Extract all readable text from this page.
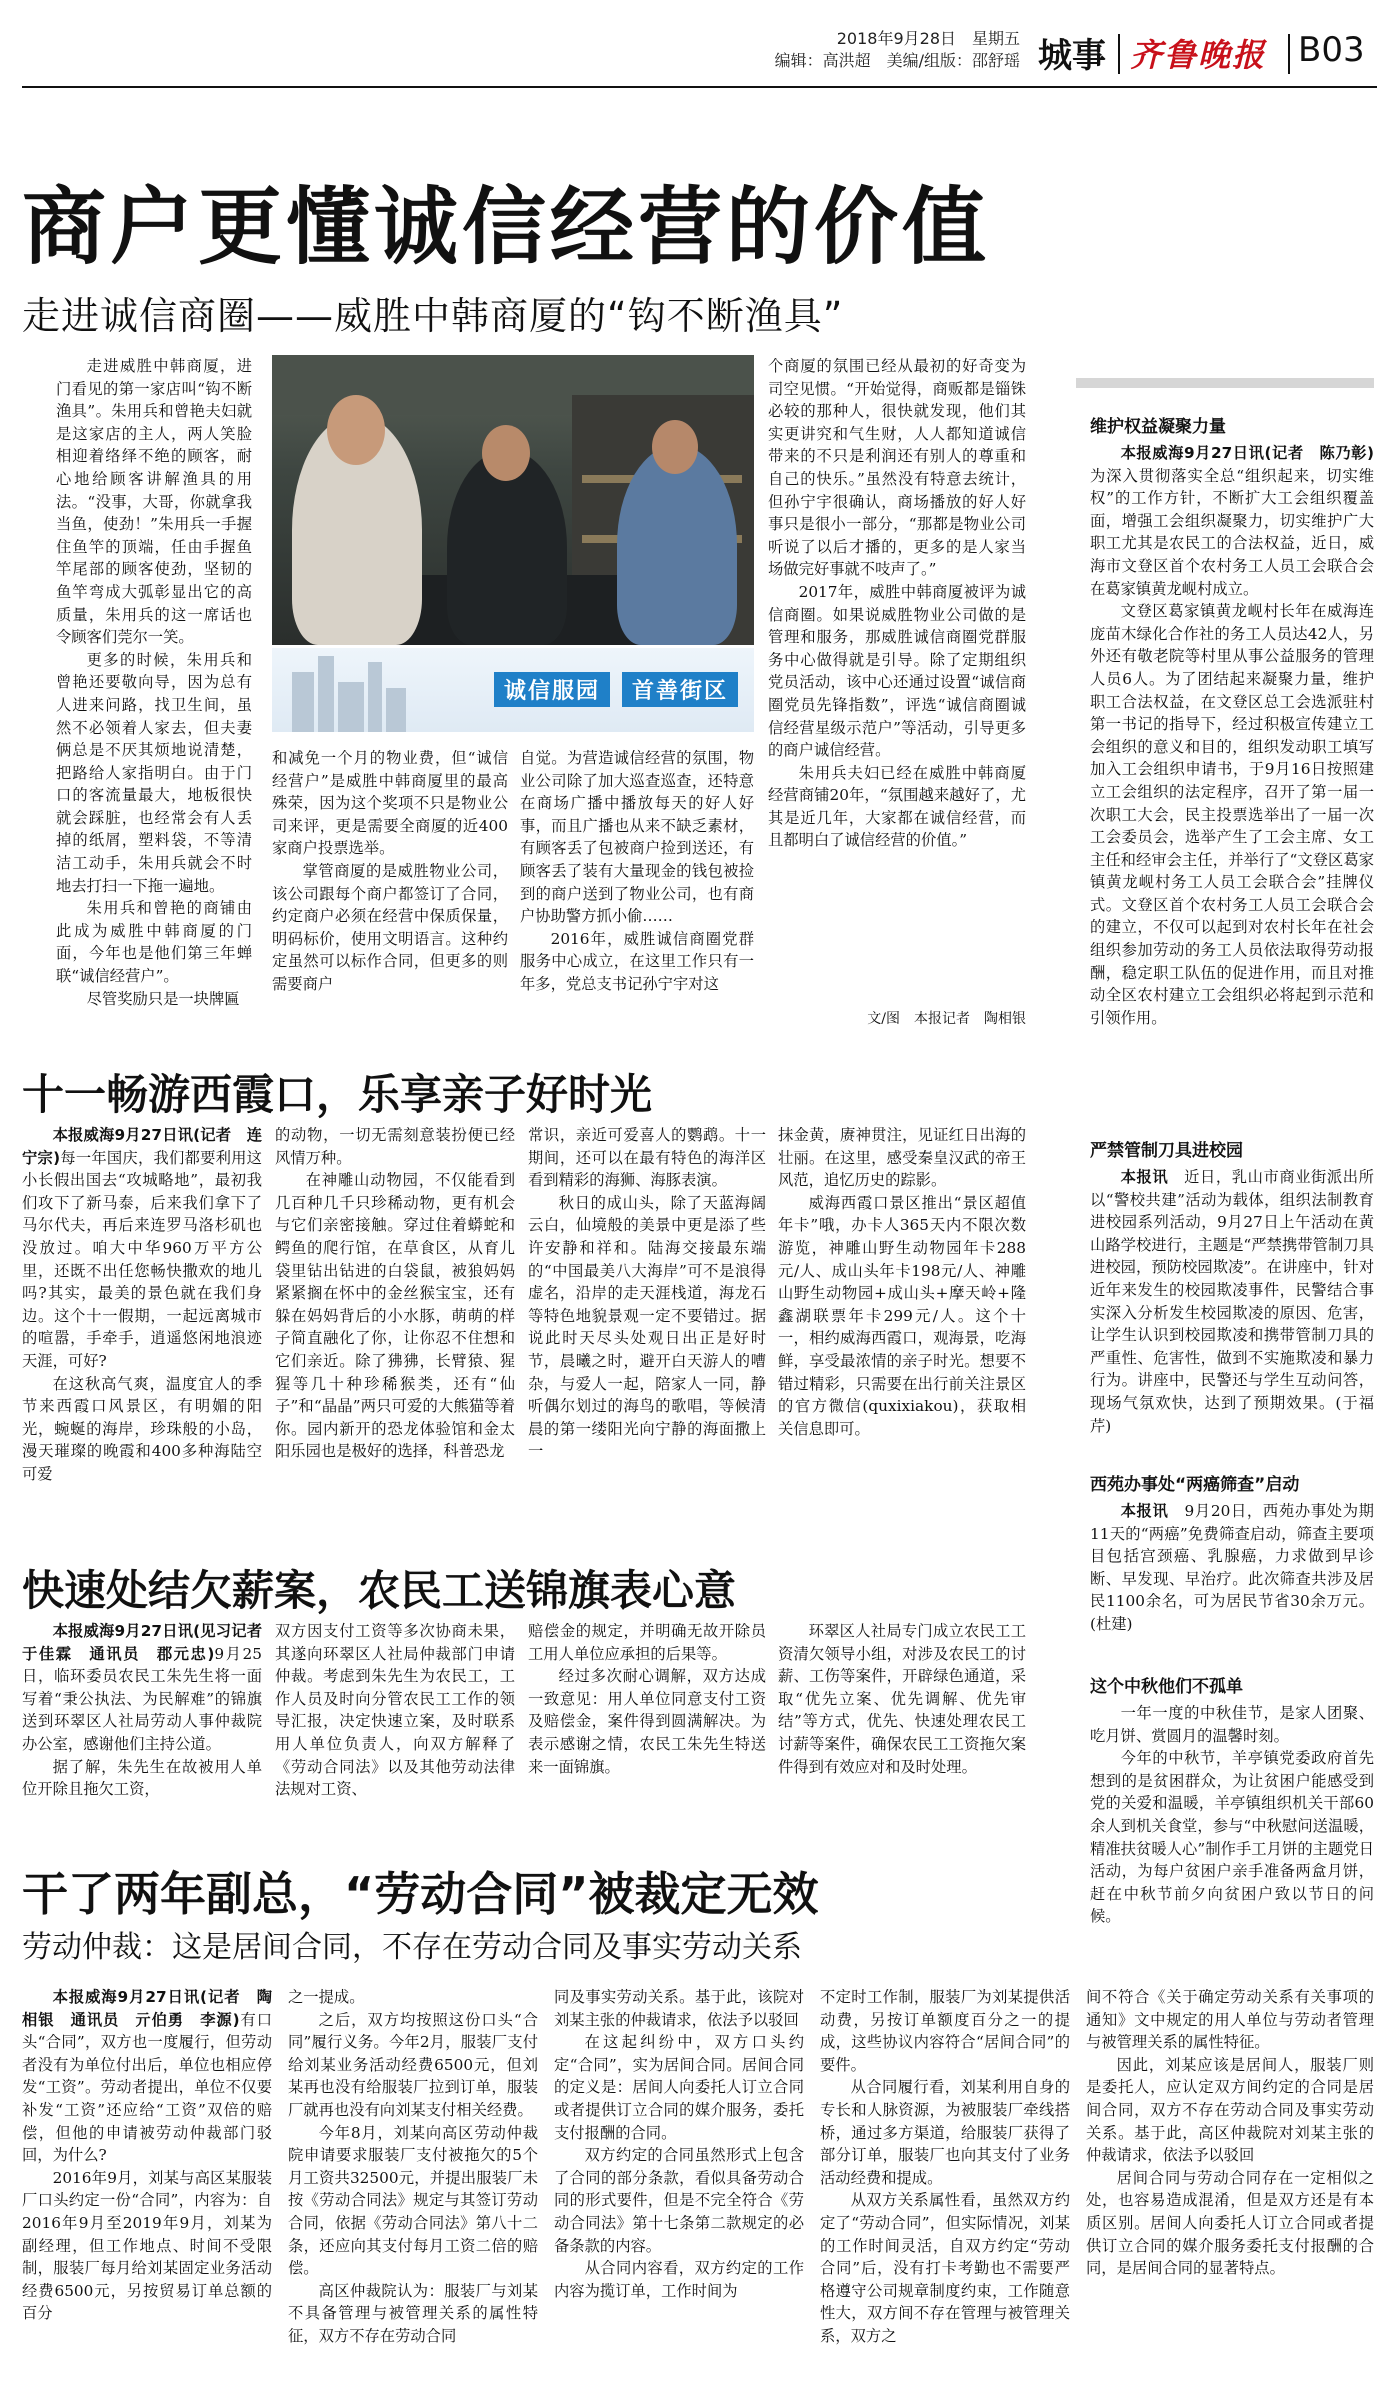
2018年9月28日　星期五
编辑：高洪超　美编/组版：邵舒瑶 城事 齐鲁晚报 B03
商户更懂诚信经营的价值
走进诚信商圈——威胜中韩商厦的“钩不断渔具”

走进威胜中韩商厦，进门看见的第一家店叫“钩不断渔具”。朱用兵和曾艳夫妇就是这家店的主人，两人笑脸相迎着络绎不绝的顾客，耐心地给顾客讲解渔具的用法。“没事，大哥，你就拿我当鱼，使劲！”朱用兵一手握住鱼竿的顶端，任由手握鱼竿尾部的顾客使劲，坚韧的鱼竿弯成大弧彰显出它的高质量，朱用兵的这一席话也令顾客们莞尔一笑。

更多的时候，朱用兵和曾艳还要敬向导，因为总有人进来问路，找卫生间，虽然不必领着人家去，但夫妻俩总是不厌其烦地说清楚，把路给人家指明白。由于门口的客流量最大，地板很快就会踩脏，也经常会有人丢掉的纸屑，塑料袋，不等清洁工动手，朱用兵就会不时地去打扫一下拖一遍地。

朱用兵和曾艳的商铺由此成为威胜中韩商厦的门面，今年也是他们第三年蝉联“诚信经营户”。

尽管奖励只是一块牌匾

诚信服园	首善街区

和减免一个月的物业费，但“诚信经营户”是威胜中韩商厦里的最高殊荣，因为这个奖项不只是物业公司来评，更是需要全商厦的近400家商户投票选举。

掌管商厦的是威胜物业公司，该公司跟每个商户都签订了合同，约定商户必须在经营中保质保量，明码标价，使用文明语言。这种约定虽然可以标作合同，但更多的则需要商户

自觉。为营造诚信经营的氛围，物业公司除了加大巡查巡查，还特意在商场广播中播放每天的好人好事，而且广播也从来不缺乏素材，有顾客丢了包被商户捡到送还，有顾客丢了装有大量现金的钱包被捡到的商户送到了物业公司，也有商户协助警方抓小偷……

2016年，威胜诚信商圈党群服务中心成立，在这里工作只有一年多，党总支书记孙宁宇对这

个商厦的氛围已经从最初的好奇变为司空见惯。“开始觉得，商贩都是锱铢必较的那种人，很快就发现，他们其实更讲究和气生财，人人都知道诚信带来的不只是利润还有别人的尊重和自己的快乐。”虽然没有特意去统计，但孙宁宇很确认，商场播放的好人好事只是很小一部分，“那都是物业公司听说了以后才播的，更多的是人家当场做完好事就不吱声了。”

2017年，威胜中韩商厦被评为诚信商圈。如果说威胜物业公司做的是管理和服务，那威胜诚信商圈党群服务中心做得就是引导。除了定期组织党员活动，该中心还通过设置“诚信商圈党员先锋指数”，评选“诚信商圈诚信经营星级示范户”等活动，引导更多的商户诚信经营。

朱用兵夫妇已经在威胜中韩商厦经营商铺20年，“氛围越来越好了，尤其是近几年，大家都在诚信经营，而且都明白了诚信经营的价值。”

文/图　本报记者　陶相银
十一畅游西霞口，乐享亲子好时光

本报威海9月27日讯(记者　连宁宗)每一年国庆，我们都要利用这小长假出国去“攻城略地”，最初我们攻下了新马泰，后来我们拿下了马尔代夫，再后来连罗马洛杉矶也没放过。咱大中华960万平方公里，还既不出任您畅快撒欢的地儿吗?其实，最美的景色就在我们身边。这个十一假期，一起远离城市的喧嚣，手牵手，逍遥悠闲地浪迹天涯，可好?

在这秋高气爽，温度宜人的季节来西霞口风景区，有明媚的阳光，蜿蜒的海岸，珍珠般的小岛，漫天璀璨的晚霞和400多种海陆空可爱

的动物，一切无需刻意装扮便已经风情万种。

在神雕山动物园，不仅能看到几百种几千只珍稀动物，更有机会与它们亲密接触。穿过住着蟒蛇和鳄鱼的爬行馆，在草食区，从育儿袋里钻出钻进的白袋鼠，被狼妈妈紧紧搁在怀中的金丝猴宝宝，还有躲在妈妈背后的小水豚，萌萌的样子简直融化了你，让你忍不住想和它们亲近。除了狒狒，长臂猿、猩猩等几十种珍稀猴类，还有“仙子”和“晶晶”两只可爱的大熊猫等着你。园内新开的恐龙体验馆和金太阳乐园也是极好的选择，科普恐龙

常识，亲近可爱喜人的鹦鹉。十一期间，还可以在最有特色的海洋区看到精彩的海狮、海豚表演。

秋日的成山头，除了天蓝海阔云白，仙境般的美景中更是添了些许安静和祥和。陆海交接最东端的“中国最美八大海岸”可不是浪得虚名，沿岸的走天涯栈道，海龙石等特色地貌景观一定不要错过。据说此时天尽头处观日出正是好时节，晨曦之时，避开白天游人的嘈杂，与爱人一起，陪家人一同，静听偶尔划过的海鸟的歌唱，等候清晨的第一缕阳光向宁静的海面撒上一

抹金黄，赓神贯注，见证红日出海的壮丽。在这里，感受秦皇汉武的帝王风范，追忆历史的踪影。

威海西霞口景区推出“景区超值年卡”哦，办卡人365天内不限次数游览，神雕山野生动物园年卡288元/人、成山头年卡198元/人、神雕山野生动物园+成山头+摩天岭+隆鑫湖联票年卡299元/人。这个十一，相约威海西霞口，观海景，吃海鲜，享受最浓情的亲子时光。想要不错过精彩，只需要在出行前关注景区的官方微信(quxixiakou)，获取相关信息即可。

快速处结欠薪案，农民工送锦旗表心意

本报威海9月27日讯(见习记者　于佳霖　通讯员　郡元忠)9月25日，临环委员农民工朱先生将一面写着“秉公执法、为民解难”的锦旗送到环翠区人社局劳动人事仲裁院办公室，感谢他们主持公道。

据了解，朱先生在故被用人单位开除且拖欠工资，

双方因支付工资等多次协商未果，其遂向环翠区人社局仲裁部门申请仲裁。考虑到朱先生为农民工，工作人员及时向分管农民工工作的领导汇报，决定快速立案，及时联系用人单位负责人，向双方解释了《劳动合同法》以及其他劳动法律法规对工资、

赔偿金的规定，并明确无故开除员工用人单位应承担的后果等。

经过多次耐心调解，双方达成一致意见：用人单位同意支付工资及赔偿金，案件得到圆满解决。为表示感谢之情，农民工朱先生特送来一面锦旗。

环翠区人社局专门成立农民工工资清欠领导小组，对涉及农民工的讨薪、工伤等案件，开辟绿色通道，采取“优先立案、优先调解、优先审结”等方式，优先、快速处理农民工讨薪等案件，确保农民工工资拖欠案件得到有效应对和及时处理。

干了两年副总，“劳动合同”被裁定无效
劳动仲裁：这是居间合同，不存在劳动合同及事实劳动关系

本报威海9月27日讯(记者　陶相银　通讯员　亓伯勇　李源)有口头“合同”，双方也一度履行，但劳动者没有为单位付出后，单位也相应停发“工资”。劳动者提出，单位不仅要补发“工资”还应给“工资”双倍的赔偿，但他的申请被劳动仲裁部门驳回，为什么?

2016年9月，刘某与高区某服装厂口头约定一份“合同”，内容为：自2016年9月至2019年9月，刘某为副经理，但工作地点、时间不受限制，服装厂每月给刘某固定业务活动经费6500元，另按贸易订单总额的百分

之一提成。

之后，双方均按照这份口头“合同”履行义务。今年2月，服装厂支付给刘某业务活动经费6500元，但刘某再也没有给服装厂拉到订单，服装厂就再也没有向刘某支付相关经费。

今年8月，刘某向高区劳动仲裁院申请要求服装厂支付被拖欠的5个月工资共32500元，并提出服装厂未按《劳动合同法》规定与其签订劳动合同，依据《劳动合同法》第八十二条，还应向其支付每月工资二倍的赔偿。

高区仲裁院认为：服装厂与刘某不具备管理与被管理关系的属性特征，双方不存在劳动合同

同及事实劳动关系。基于此，该院对刘某主张的仲裁请求，依法予以驳回

在这起纠纷中，双方口头约定“合同”，实为居间合同。居间合同的定义是：居间人向委托人订立合同或者提供订立合同的媒介服务，委托支付报酬的合同。

双方约定的合同虽然形式上包含了合同的部分条款，看似具备劳动合同的形式要件，但是不完全符合《劳动合同法》第十七条第二款规定的必备条款的内容。

从合同内容看，双方约定的工作内容为揽订单，工作时间为

不定时工作制，服装厂为刘某提供活动费，另按订单额度百分之一的提成，这些协议内容符合“居间合同”的要件。

从合同履行看，刘某利用自身的专长和人脉资源，为被服装厂牵线搭桥，通过多方渠道，给服装厂获得了部分订单，服装厂也向其支付了业务活动经费和提成。

从双方关系属性看，虽然双方约定了“劳动合同”，但实际情况，刘某的工作时间灵活，自双方约定“劳动合同”后，没有打卡考勤也不需要严格遵守公司规章制度约束，工作随意性大，双方间不存在管理与被管理关系，双方之

间不符合《关于确定劳动关系有关事项的通知》文中规定的用人单位与劳动者管理与被管理关系的属性特征。

因此，刘某应该是居间人，服装厂则是委托人，应认定双方间约定的合同是居间合同，双方不存在劳动合同及事实劳动关系。基于此，高区仲裁院对刘某主张的仲裁请求，依法予以驳回

居间合同与劳动合同存在一定相似之处，也容易造成混淆，但是双方还是有本质区别。居间人向委托人订立合同或者提供订立合同的媒介服务委托支付报酬的合同，是居间合同的显著特点。

维护权益凝聚力量

本报威海9月27日讯(记者　陈乃彰)为深入贯彻落实全总“组织起来，切实维权”的工作方针，不断扩大工会组织覆盖面，增强工会组织凝聚力，切实维护广大职工尤其是农民工的合法权益，近日，威海市文登区首个农村务工人员工会联合会在葛家镇黄龙岘村成立。

文登区葛家镇黄龙岘村长年在威海连庞苗木绿化合作社的务工人员达42人，另外还有敬老院等村里从事公益服务的管理人员6人。为了团结起来凝聚力量，维护职工合法权益，在文登区总工会选派驻村第一书记的指导下，经过积极宣传建立工会组织的意义和目的，组织发动职工填写加入工会组织申请书，于9月16日按照建立工会组织的法定程序，召开了第一届一次职工大会，民主投票选举出了一届一次工会委员会，选举产生了工会主席、女工主任和经审会主任，并举行了“文登区葛家镇黄龙岘村务工人员工会联合会”挂牌仪式。文登区首个农村务工人员工会联合会的建立，不仅可以起到对农村长年在社会组织参加劳动的务工人员依法取得劳动报酬，稳定职工队伍的促进作用，而且对推动全区农村建立工会组织必将起到示范和引领作用。

严禁管制刀具进校园

本报讯　 近日，乳山市商业街派出所以“警校共建”活动为载体，组织法制教育进校园系列活动，9月27日上午活动在黄山路学校进行，主题是“严禁携带管制刀具进校园，预防校园欺凌”。在讲座中，针对近年来发生的校园欺凌事件，民警结合事实深入分析发生校园欺凌的原因、危害，让学生认识到校园欺凌和携带管制刀具的严重性、危害性，做到不实施欺凌和暴力行为。讲座中，民警还与学生互动问答，现场气氛欢快，达到了预期效果。(于福芹)

西苑办事处“两癌筛查”启动

本报讯　 9月20日，西苑办事处为期11天的“两癌”免费筛查启动，筛查主要项目包括宫颈癌、乳腺癌，力求做到早诊断、早发现、早治疗。此次筛查共涉及居民1100余名，可为居民节省30余万元。(杜建)

这个中秋他们不孤单

一年一度的中秋佳节，是家人团聚、吃月饼、赏圆月的温馨时刻。

今年的中秋节，羊亭镇党委政府首先想到的是贫困群众，为让贫困户能感受到党的关爱和温暖，羊亭镇组织机关干部60余人到机关食堂，参与“中秋慰问送温暖，精准扶贫暖人心”制作手工月饼的主题党日活动，为每户贫困户亲手准备两盒月饼，赶在中秋节前夕向贫困户致以节日的问候。
